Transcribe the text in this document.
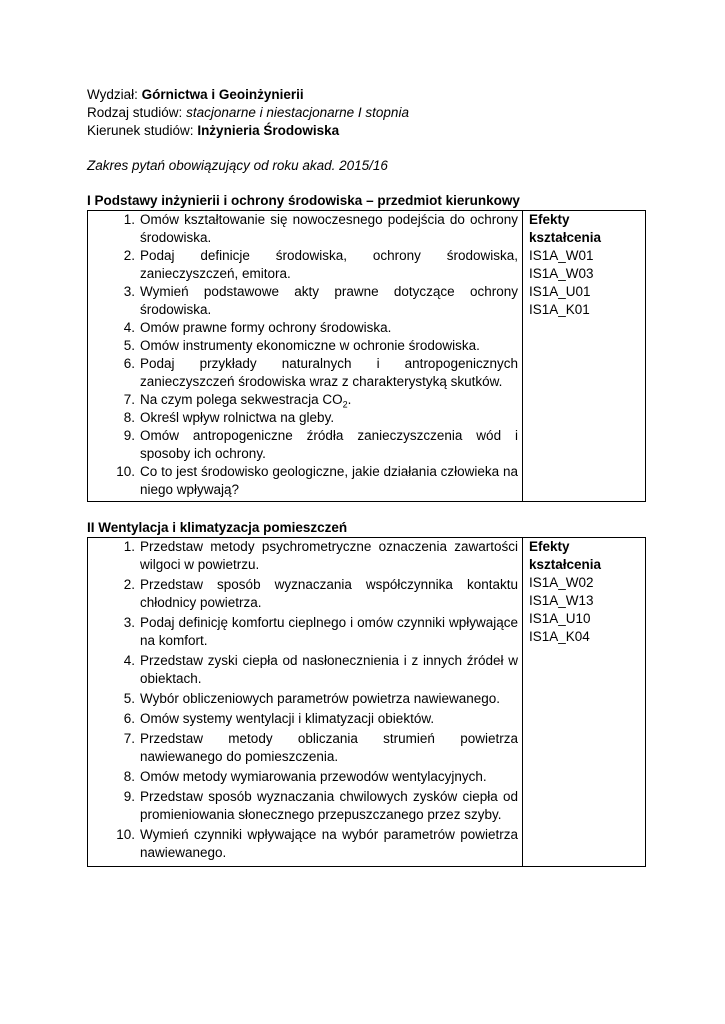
Wydział: Górnictwa i Geoinżynierii
Rodzaj studiów: stacjonarne i niestacjonarne I stopnia
Kierunek studiów: Inżynieria Środowiska
Zakres pytań obowiązujący od roku akad. 2015/16
I Podstawy inżynierii i ochrony środowiska – przedmiot kierunkowy
1. Omów kształtowanie się nowoczesnego podejścia do ochrony środowiska.
2. Podaj definicje środowiska, ochrony środowiska, zanieczyszczeń, emitora.
3. Wymień podstawowe akty prawne dotyczące ochrony środowiska.
4. Omów prawne formy ochrony środowiska.
5. Omów instrumenty ekonomiczne w ochronie środowiska.
6. Podaj przykłady naturalnych i antropogenicznych zanieczyszczeń środowiska wraz z charakterystyką skutków.
7. Na czym polega sekwestracja $CO_2$.
8. Określ wpływ rolnictwa na gleby.
9. Omów antropogeniczne źródła zanieczyszczenia wód i sposoby ich ochrony.
10. Co to jest środowisko geologiczne, jakie działania człowieka na niego wpływają?

Efekty kształcenia
IS1A_W01
IS1A_W03
IS1A_U01
IS1A_K01
II Wentylacja i klimatyzacja pomieszczeń
1. Przedstaw metody psychrometryczne oznaczenia zawartości wilgoci w powietrzu.
2. Przedstaw sposób wyznaczania współczynnika kontaktu chłodnicy powietrza.
3. Podaj definicję komfortu cieplnego i omów czynniki wpływające na komfort.
4. Przedstaw zyski ciepła od nasłonecznienia i z innych źródeł w obiektach.
5. Wybór obliczeniowych parametrów powietrza nawiewanego.
6. Omów systemy wentylacji i klimatyzacji obiektów.
7. Przedstaw metody obliczania strumień powietrza nawiewanego do pomieszczenia.
8. Omów metody wymiarowania przewodów wentylacyjnych.
9. Przedstaw sposób wyznaczania chwilowych zysków ciepła od promieniowania słonecznego przepuszczanego przez szyby.
10. Wymień czynniki wpływające na wybór parametrów powietrza nawiewanego.

Efekty kształcenia
IS1A_W02
IS1A_W13
IS1A_U10
IS1A_K04
